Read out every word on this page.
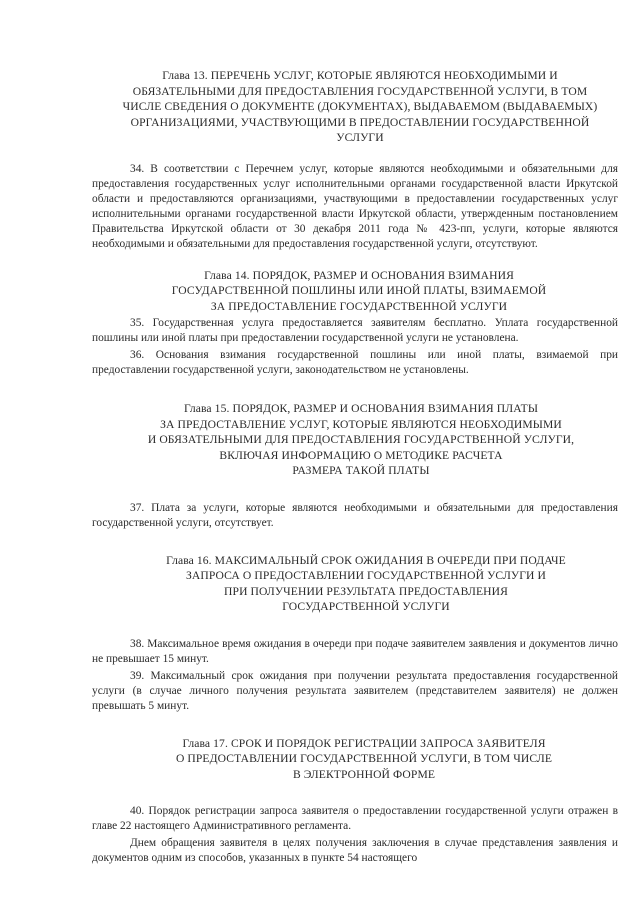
Глава 13. ПЕРЕЧЕНЬ УСЛУГ, КОТОРЫЕ ЯВЛЯЮТСЯ НЕОБХОДИМЫМИ И
ОБЯЗАТЕЛЬНЫМИ ДЛЯ ПРЕДОСТАВЛЕНИЯ ГОСУДАРСТВЕННОЙ УСЛУГИ, В ТОМ
ЧИСЛЕ СВЕДЕНИЯ О ДОКУМЕНТЕ (ДОКУМЕНТАХ), ВЫДАВАЕМОМ (ВЫДАВАЕМЫХ)
ОРГАНИЗАЦИЯМИ, УЧАСТВУЮЩИМИ В ПРЕДОСТАВЛЕНИИ ГОСУДАРСТВЕННОЙ
УСЛУГИ

34. В соответствии с Перечнем услуг, которые являются необходимыми и обязательными для предоставления государственных услуг исполнительными органами государственной власти Иркутской области и предоставляются организациями, участвующими в предоставлении государственных услуг исполнительными органами государственной власти Иркутской области, утвержденным постановлением Правительства Иркутской области от 30 декабря 2011 года № 423-пп, услуги, которые являются необходимыми и обязательными для предоставления государственной услуги, отсутствуют.

Глава 14. ПОРЯДОК, РАЗМЕР И ОСНОВАНИЯ ВЗИМАНИЯ
ГОСУДАРСТВЕННОЙ ПОШЛИНЫ ИЛИ ИНОЙ ПЛАТЫ, ВЗИМАЕМОЙ
ЗА ПРЕДОСТАВЛЕНИЕ ГОСУДАРСТВЕННОЙ УСЛУГИ

35. Государственная услуга предоставляется заявителям бесплатно. Уплата государственной пошлины или иной платы при предоставлении государственной услуги не установлена.

36. Основания взимания государственной пошлины или иной платы, взимаемой при предоставлении государственной услуги, законодательством не установлены.

Глава 15. ПОРЯДОК, РАЗМЕР И ОСНОВАНИЯ ВЗИМАНИЯ ПЛАТЫ
ЗА ПРЕДОСТАВЛЕНИЕ УСЛУГ, КОТОРЫЕ ЯВЛЯЮТСЯ НЕОБХОДИМЫМИ
И ОБЯЗАТЕЛЬНЫМИ ДЛЯ ПРЕДОСТАВЛЕНИЯ ГОСУДАРСТВЕННОЙ УСЛУГИ,
ВКЛЮЧАЯ ИНФОРМАЦИЮ О МЕТОДИКЕ РАСЧЕТА
РАЗМЕРА ТАКОЙ ПЛАТЫ

37. Плата за услуги, которые являются необходимыми и обязательными для предоставления государственной услуги, отсутствует.

Глава 16. МАКСИМАЛЬНЫЙ СРОК ОЖИДАНИЯ В ОЧЕРЕДИ ПРИ ПОДАЧЕ
ЗАПРОСА О ПРЕДОСТАВЛЕНИИ ГОСУДАРСТВЕННОЙ УСЛУГИ И
ПРИ ПОЛУЧЕНИИ РЕЗУЛЬТАТА ПРЕДОСТАВЛЕНИЯ
ГОСУДАРСТВЕННОЙ УСЛУГИ

38. Максимальное время ожидания в очереди при подаче заявителем заявления и документов лично не превышает 15 минут.

39. Максимальный срок ожидания при получении результата предоставления государственной услуги (в случае личного получения результата заявителем (представителем заявителя) не должен превышать 5 минут.

Глава 17. СРОК И ПОРЯДОК РЕГИСТРАЦИИ ЗАПРОСА ЗАЯВИТЕЛЯ
О ПРЕДОСТАВЛЕНИИ ГОСУДАРСТВЕННОЙ УСЛУГИ, В ТОМ ЧИСЛЕ
В ЭЛЕКТРОННОЙ ФОРМЕ

40. Порядок регистрации запроса заявителя о предоставлении государственной услуги отражен в главе 22 настоящего Административного регламента.

Днем обращения заявителя в целях получения заключения в случае представления заявления и документов одним из способов, указанных в пункте 54 настоящего
